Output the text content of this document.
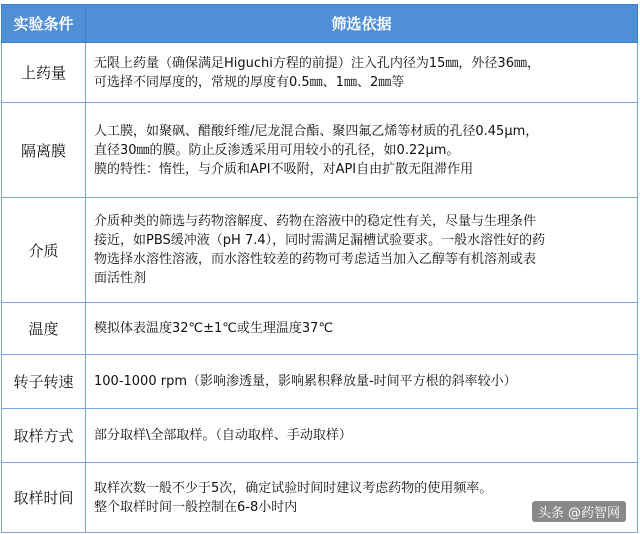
实验条件	筛选依据
上药量	无限上药量（确保满足Higuchi方程的前提）注入孔内径为15㎜，外径36㎜，
可选择不同厚度的，常规的厚度有0.5㎜、1㎜、2㎜等

隔离膜	人工膜，如聚砜、醋酸纤维/尼龙混合酯、聚四氟乙烯等材质的孔径0.45μm，
直径30㎜的膜。防止反渗透采用可用较小的孔径，如0.22μm。
膜的特性：惰性，与介质和API不吸附，对API自由扩散无阻滞作用

介质	介质种类的筛选与药物溶解度、药物在溶液中的稳定性有关，尽量与生理条件
接近，如PBS缓冲液（pH 7.4），同时需满足漏槽试验要求。一般水溶性好的药
物选择水溶性溶液，而水溶性较差的药物可考虑适当加入乙醇等有机溶剂或表
面活性剂

温度	模拟体表温度32℃±1℃或生理温度37℃

转子转速	100-1000 rpm（影响渗透量，影响累积释放量-时间平方根的斜率较小）

取样方式	部分取样\全部取样。（自动取样、手动取样）

取样时间	取样次数一般不少于5次，确定试验时间时建议考虑药物的使用频率。
整个取样时间一般控制在6-8小时内	头条 @药智网
